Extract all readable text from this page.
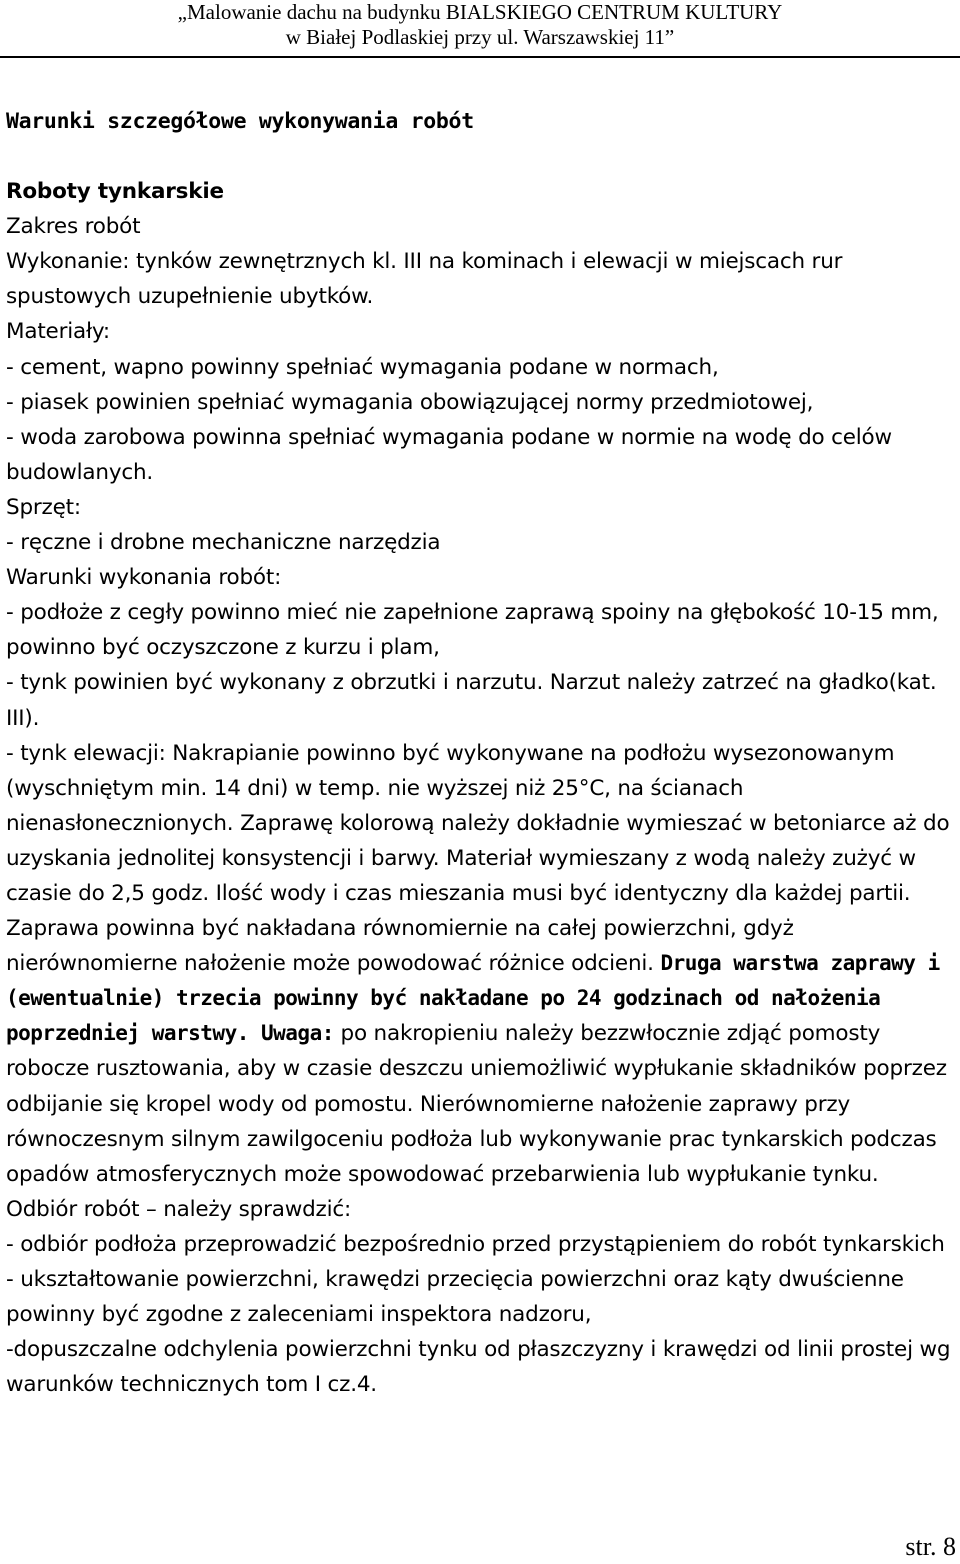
„Malowanie dachu na budynku BIALSKIEGO CENTRUM KULTURY
w Białej Podlaskiej przy ul. Warszawskiej 11”

Warunki szczegółowe wykonywania robót

Roboty tynkarskie

Zakres robót

Wykonanie: tynków zewnętrznych kl. III na kominach i elewacji w miejscach rur spustowych uzupełnienie ubytków.

Materiały:

- cement, wapno powinny spełniać wymagania podane w normach,

- piasek powinien spełniać wymagania obowiązującej normy przedmiotowej,

- woda zarobowa powinna spełniać wymagania podane w normie na wodę do celów budowlanych.

Sprzęt:

- ręczne i drobne mechaniczne narzędzia

Warunki wykonania robót:

- podłoże z cegły powinno mieć nie zapełnione zaprawą spoiny na głębokość 10-15 mm, powinno być oczyszczone z kurzu i plam,

- tynk powinien być wykonany z obrzutki i narzutu. Narzut należy zatrzeć na gładko(kat. III).

- tynk elewacji: Nakrapianie powinno być wykonywane na podłożu wysezonowanym (wyschniętym min. 14 dni) w temp. nie wyższej niż 25°C, na ścianach nienasłonecznionych. Zaprawę kolorową należy dokładnie wymieszać w betoniarce aż do uzyskania jednolitej konsystencji i barwy. Materiał wymieszany z wodą należy zużyć w czasie do 2,5 godz. Ilość wody i czas mieszania musi być identyczny dla każdej partii. Zaprawa powinna być nakładana równomiernie na całej powierzchni, gdyż nierównomierne nałożenie może powodować różnice odcieni. Druga warstwa zaprawy i (ewentualnie) trzecia powinny być nakładane po 24 godzinach od nałożenia poprzedniej warstwy. Uwaga: po nakropieniu należy bezzwłocznie zdjąć pomosty robocze rusztowania, aby w czasie deszczu uniemożliwić wypłukanie składników poprzez odbijanie się kropel wody od pomostu. Nierównomierne nałożenie zaprawy przy równoczesnym silnym zawilgoceniu podłoża lub wykonywanie prac tynkarskich podczas opadów atmosferycznych może spowodować przebarwienia lub wypłukanie tynku.

Odbiór robót – należy sprawdzić:

- odbiór podłoża przeprowadzić bezpośrednio przed przystąpieniem do robót tynkarskich

- ukształtowanie powierzchni, krawędzi przecięcia powierzchni oraz kąty dwuścienne powinny być zgodne z zaleceniami inspektora nadzoru,

-dopuszczalne odchylenia powierzchni tynku od płaszczyzny i krawędzi od linii prostej wg warunków technicznych tom I cz.4.

str. 8
